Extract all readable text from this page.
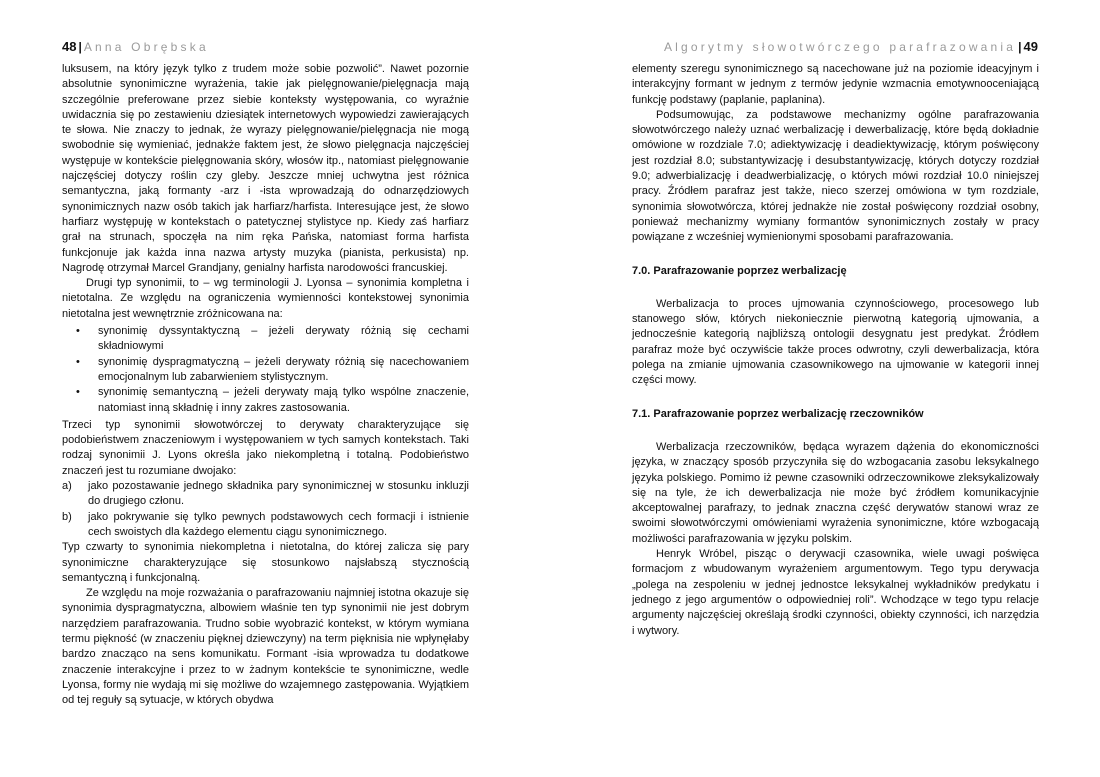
48 | Anna Obrębska

luksusem, na który język tylko z trudem może sobie pozwolić”. Nawet pozornie absolutnie synonimiczne wyrażenia, takie jak pielęgnowanie/pielęgnacja mają szczególnie preferowane przez siebie konteksty występowania, co wyraźnie uwidacznia się po zestawieniu dziesiątek internetowych wypowiedzi zawierających te słowa. Nie znaczy to jednak, że wyrazy pielęgnowanie/pielęgnacja nie mogą swobodnie się wymieniać, jednakże faktem jest, że słowo pielęgnacja najczęściej występuje w kontekście pielęgnowania skóry, włosów itp., natomiast pielęgnowanie najczęściej dotyczy roślin czy gleby. Jeszcze mniej uchwytna jest różnica semantyczna, jaką formanty -arz i -ista wprowadzają do odnarzędziowych synonimicznych nazw osób takich jak harfiarz/harfista. Interesujące jest, że słowo harfiarz występuję w kontekstach o patetycznej stylistyce np. Kiedy zaś harfiarz grał na strunach, spoczęła na nim ręka Pańska, natomiast forma harfista funkcjonuje jak każda inna nazwa artysty muzyka (pianista, perkusista) np. Nagrodę otrzymał Marcel Grandjany, genialny harfista narodowości francuskiej.

Drugi typ synonimii, to – wg terminologii J. Lyonsa – synonimia kompletna i nietotalna. Ze względu na ograniczenia wymienności kontekstowej synonimia nietotalna jest wewnętrznie zróżnicowana na:

• synonimię dyssyntaktyczną – jeżeli derywaty różnią się cechami składniowymi
• synonimię dyspragmatyczną – jeżeli derywaty różnią się nacechowaniem emocjonalnym lub zabarwieniem stylistycznym.
• synonimię semantyczną – jeżeli derywaty mają tylko wspólne znaczenie, natomiast inną składnię i inny zakres zastosowania.

Trzeci typ synonimii słowotwórczej to derywaty charakteryzujące się podobieństwem znaczeniowym i występowaniem w tych samych kontekstach. Taki rodzaj synonimii J. Lyons określa jako niekompletną i totalną. Podobieństwo znaczeń jest tu rozumiane dwojako:

a) jako pozostawanie jednego składnika pary synonimicznej w stosunku inkluzji do drugiego członu.
b) jako pokrywanie się tylko pewnych podstawowych cech formacji i istnienie cech swoistych dla każdego elementu ciągu synonimicznego.

Typ czwarty to synonimia niekompletna i nietotalna, do której zalicza się pary synonimiczne charakteryzujące się stosunkowo najsłabszą stycznością semantyczną i funkcjonalną.

Ze względu na moje rozważania o parafrazowaniu najmniej istotna okazuje się synonimia dyspragmatyczna, albowiem właśnie ten typ synonimii nie jest dobrym narzędziem parafrazowania. Trudno sobie wyobrazić kontekst, w którym wymiana termu piękność (w znaczeniu pięknej dziewczyny) na term pięknisia nie wpłynęłaby bardzo znacząco na sens komunikatu. Formant -isia wprowadza tu dodatkowe znaczenie interakcyjne i przez to w żadnym kontekście te synonimiczne, wedle Lyonsa, formy nie wydają mi się możliwe do wzajemnego zastępowania. Wyjątkiem od tej reguły są sytuacje, w których obydwa

Algorytmy słowotwórczego parafrazowania | 49

elementy szeregu synonimicznego są nacechowane już na poziomie ideacyjnym i interakcyjny formant w jednym z termów jedynie wzmacnia emotywnooceniającą funkcję podstawy (paplanie, paplanina).

Podsumowując, za podstawowe mechanizmy ogólne parafrazowania słowotwórczego należy uznać werbalizację i dewerbalizację, które będą dokładnie omówione w rozdziale 7.0; adiektywizację i deadiektywizację, którym poświęcony jest rozdział 8.0; substantywizację i desubstantywizację, których dotyczy rozdział 9.0; adwerbializację i deadwerbializację, o których mówi rozdział 10.0 niniejszej pracy. Źródłem parafraz jest także, nieco szerzej omówiona w tym rozdziale, synonimia słowotwórcza, której jednakże nie został poświęcony rozdział osobny, ponieważ mechanizmy wymiany formantów synonimicznych zostały w pracy powiązane z wcześniej wymienionymi sposobami parafrazowania.

7.0. Parafrazowanie poprzez werbalizację

Werbalizacja to proces ujmowania czynnościowego, procesowego lub stanowego słów, których niekoniecznie pierwotną kategorią ujmowania, a jednocześnie kategorią najbliższą ontologii desygnatu jest predykat. Źródłem parafraz może być oczywiście także proces odwrotny, czyli dewerbalizacja, która polega na zmianie ujmowania czasownikowego na ujmowanie w kategorii innej części mowy.

7.1. Parafrazowanie poprzez werbalizację rzeczowników

Werbalizacja rzeczowników, będąca wyrazem dążenia do ekonomiczności języka, w znaczący sposób przyczyniła się do wzbogacania zasobu leksykalnego języka polskiego. Pomimo iż pewne czasowniki odrzeczownikowe zleksykalizowały się na tyle, że ich dewerbalizacja nie może być źródłem komunikacyjnie akceptowalnej parafrazy, to jednak znaczna część derywatów stanowi wraz ze swoimi słowotwórczymi omówieniami wyrażenia synonimiczne, które wzbogacają możliwości parafrazowania w języku polskim.

Henryk Wróbel, pisząc o derywacji czasownika, wiele uwagi poświęca formacjom z wbudowanym wyrażeniem argumentowym. Tego typu derywacja „polega na zespoleniu w jednej jednostce leksykalnej wykładników predykatu i jednego z jego argumentów o odpowiedniej roli”. Wchodzące w tego typu relacje argumenty najczęściej określają środki czynności, obiekty czynności, ich narzędzia i wytwory.
